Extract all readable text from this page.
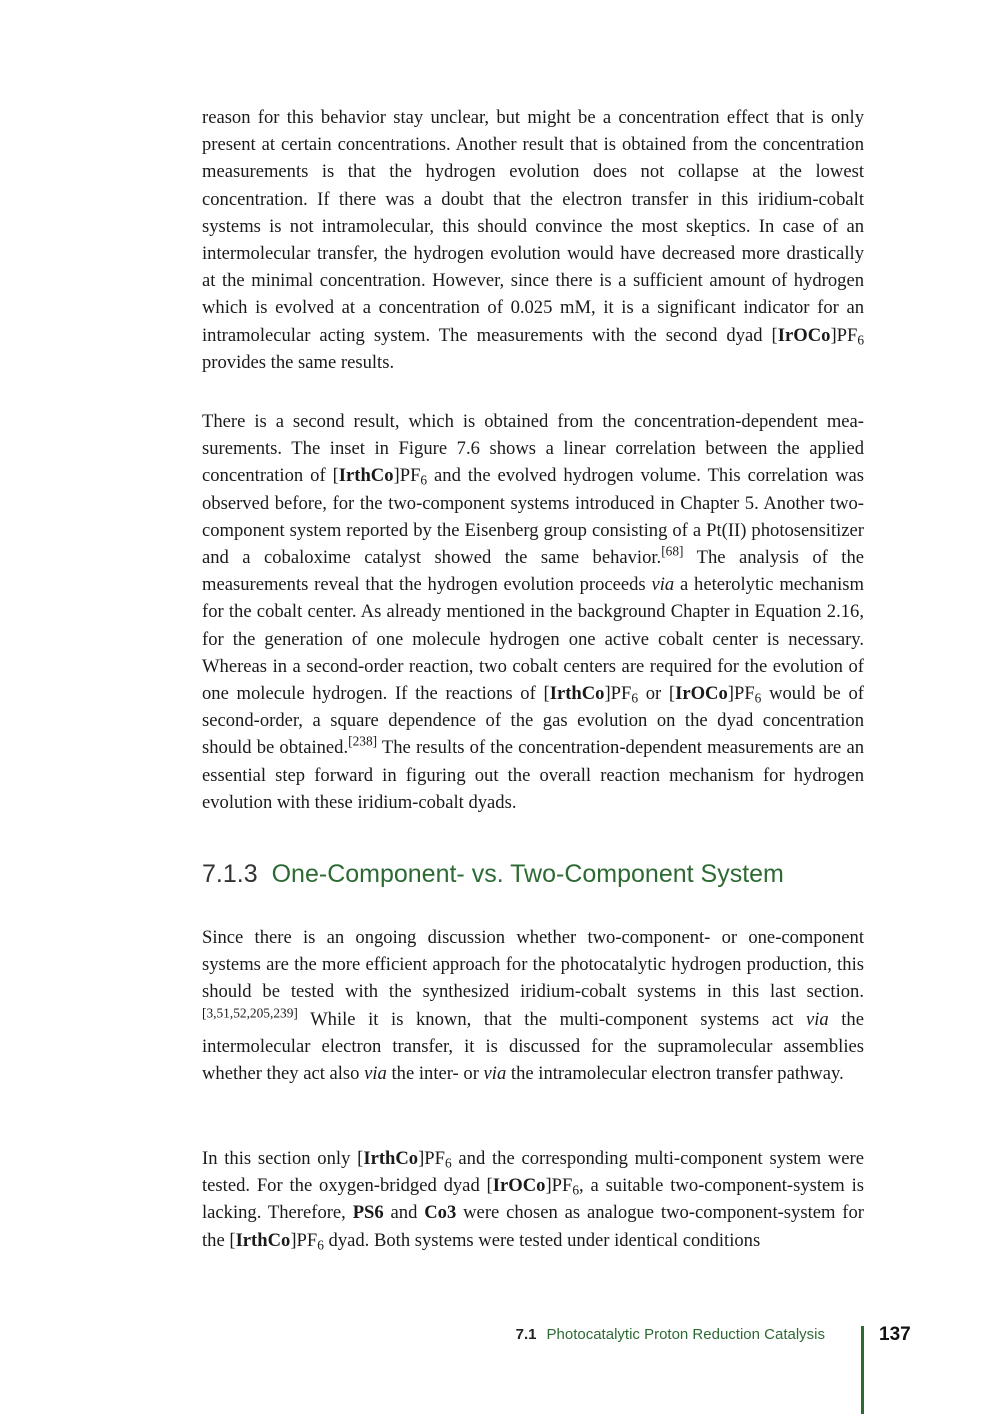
reason for this behavior stay unclear, but might be a concentration effect that is only present at certain concentrations. Another result that is obtained from the concentration measurements is that the hydrogen evolution does not collapse at the lowest concentration. If there was a doubt that the electron transfer in this iridium-cobalt systems is not intramolecular, this should convince the most skeptics. In case of an intermolecular transfer, the hydrogen evolution would have decreased more drastically at the minimal concentration. However, since there is a sufficient amount of hydrogen which is evolved at a concentration of 0.025 mM, it is a significant indicator for an intramolecular acting system. The measurements with the second dyad $[IrOCo]PF_6$ provides the same results.

There is a second result, which is obtained from the concentration-dependent measurements. The inset in Figure 7.6 shows a linear correlation between the applied concentration of $[IrthCo]PF_6$ and the evolved hydrogen volume. This correlation was observed before, for the two-component systems introduced in Chapter 5. Another two-component system reported by the Eisenberg group consisting of a Pt(II) photosensitizer and a cobaloxime catalyst showed the same behavior.[68] The analysis of the measurements reveal that the hydrogen evolution proceeds via a heterolytic mechanism for the cobalt center. As already mentioned in the background Chapter in Equation 2.16, for the generation of one molecule hydrogen one active cobalt center is necessary. Whereas in a second-order reaction, two cobalt centers are required for the evolution of one molecule hydrogen. If the reactions of $[IrthCo]PF_6$ or $[IrOCo]PF_6$ would be of second-order, a square dependence of the gas evolution on the dyad concentration should be obtained.[238] The results of the concentration-dependent measurements are an essential step forward in figuring out the overall reaction mechanism for hydrogen evolution with these iridium-cobalt dyads.

7.1.3 One-Component- vs. Two-Component System

Since there is an ongoing discussion whether two-component- or one-component systems are the more efficient approach for the photocatalytic hydrogen production, this should be tested with the synthesized iridium-cobalt systems in this last section.[3,51,52,205,239] While it is known, that the multi-component systems act via the intermolecular electron transfer, it is discussed for the supramolecular assemblies whether they act also via the inter- or via the intramolecular electron transfer pathway.

In this section only $[IrthCo]PF_6$ and the corresponding multi-component system were tested. For the oxygen-bridged dyad $[IrOCo]PF_6$, a suitable two-component-system is lacking. Therefore, PS6 and Co3 were chosen as analogue two-component-system for the $[IrthCo]PF_6$ dyad. Both systems were tested under identical conditions

7.1 Photocatalytic Proton Reduction Catalysis	137
